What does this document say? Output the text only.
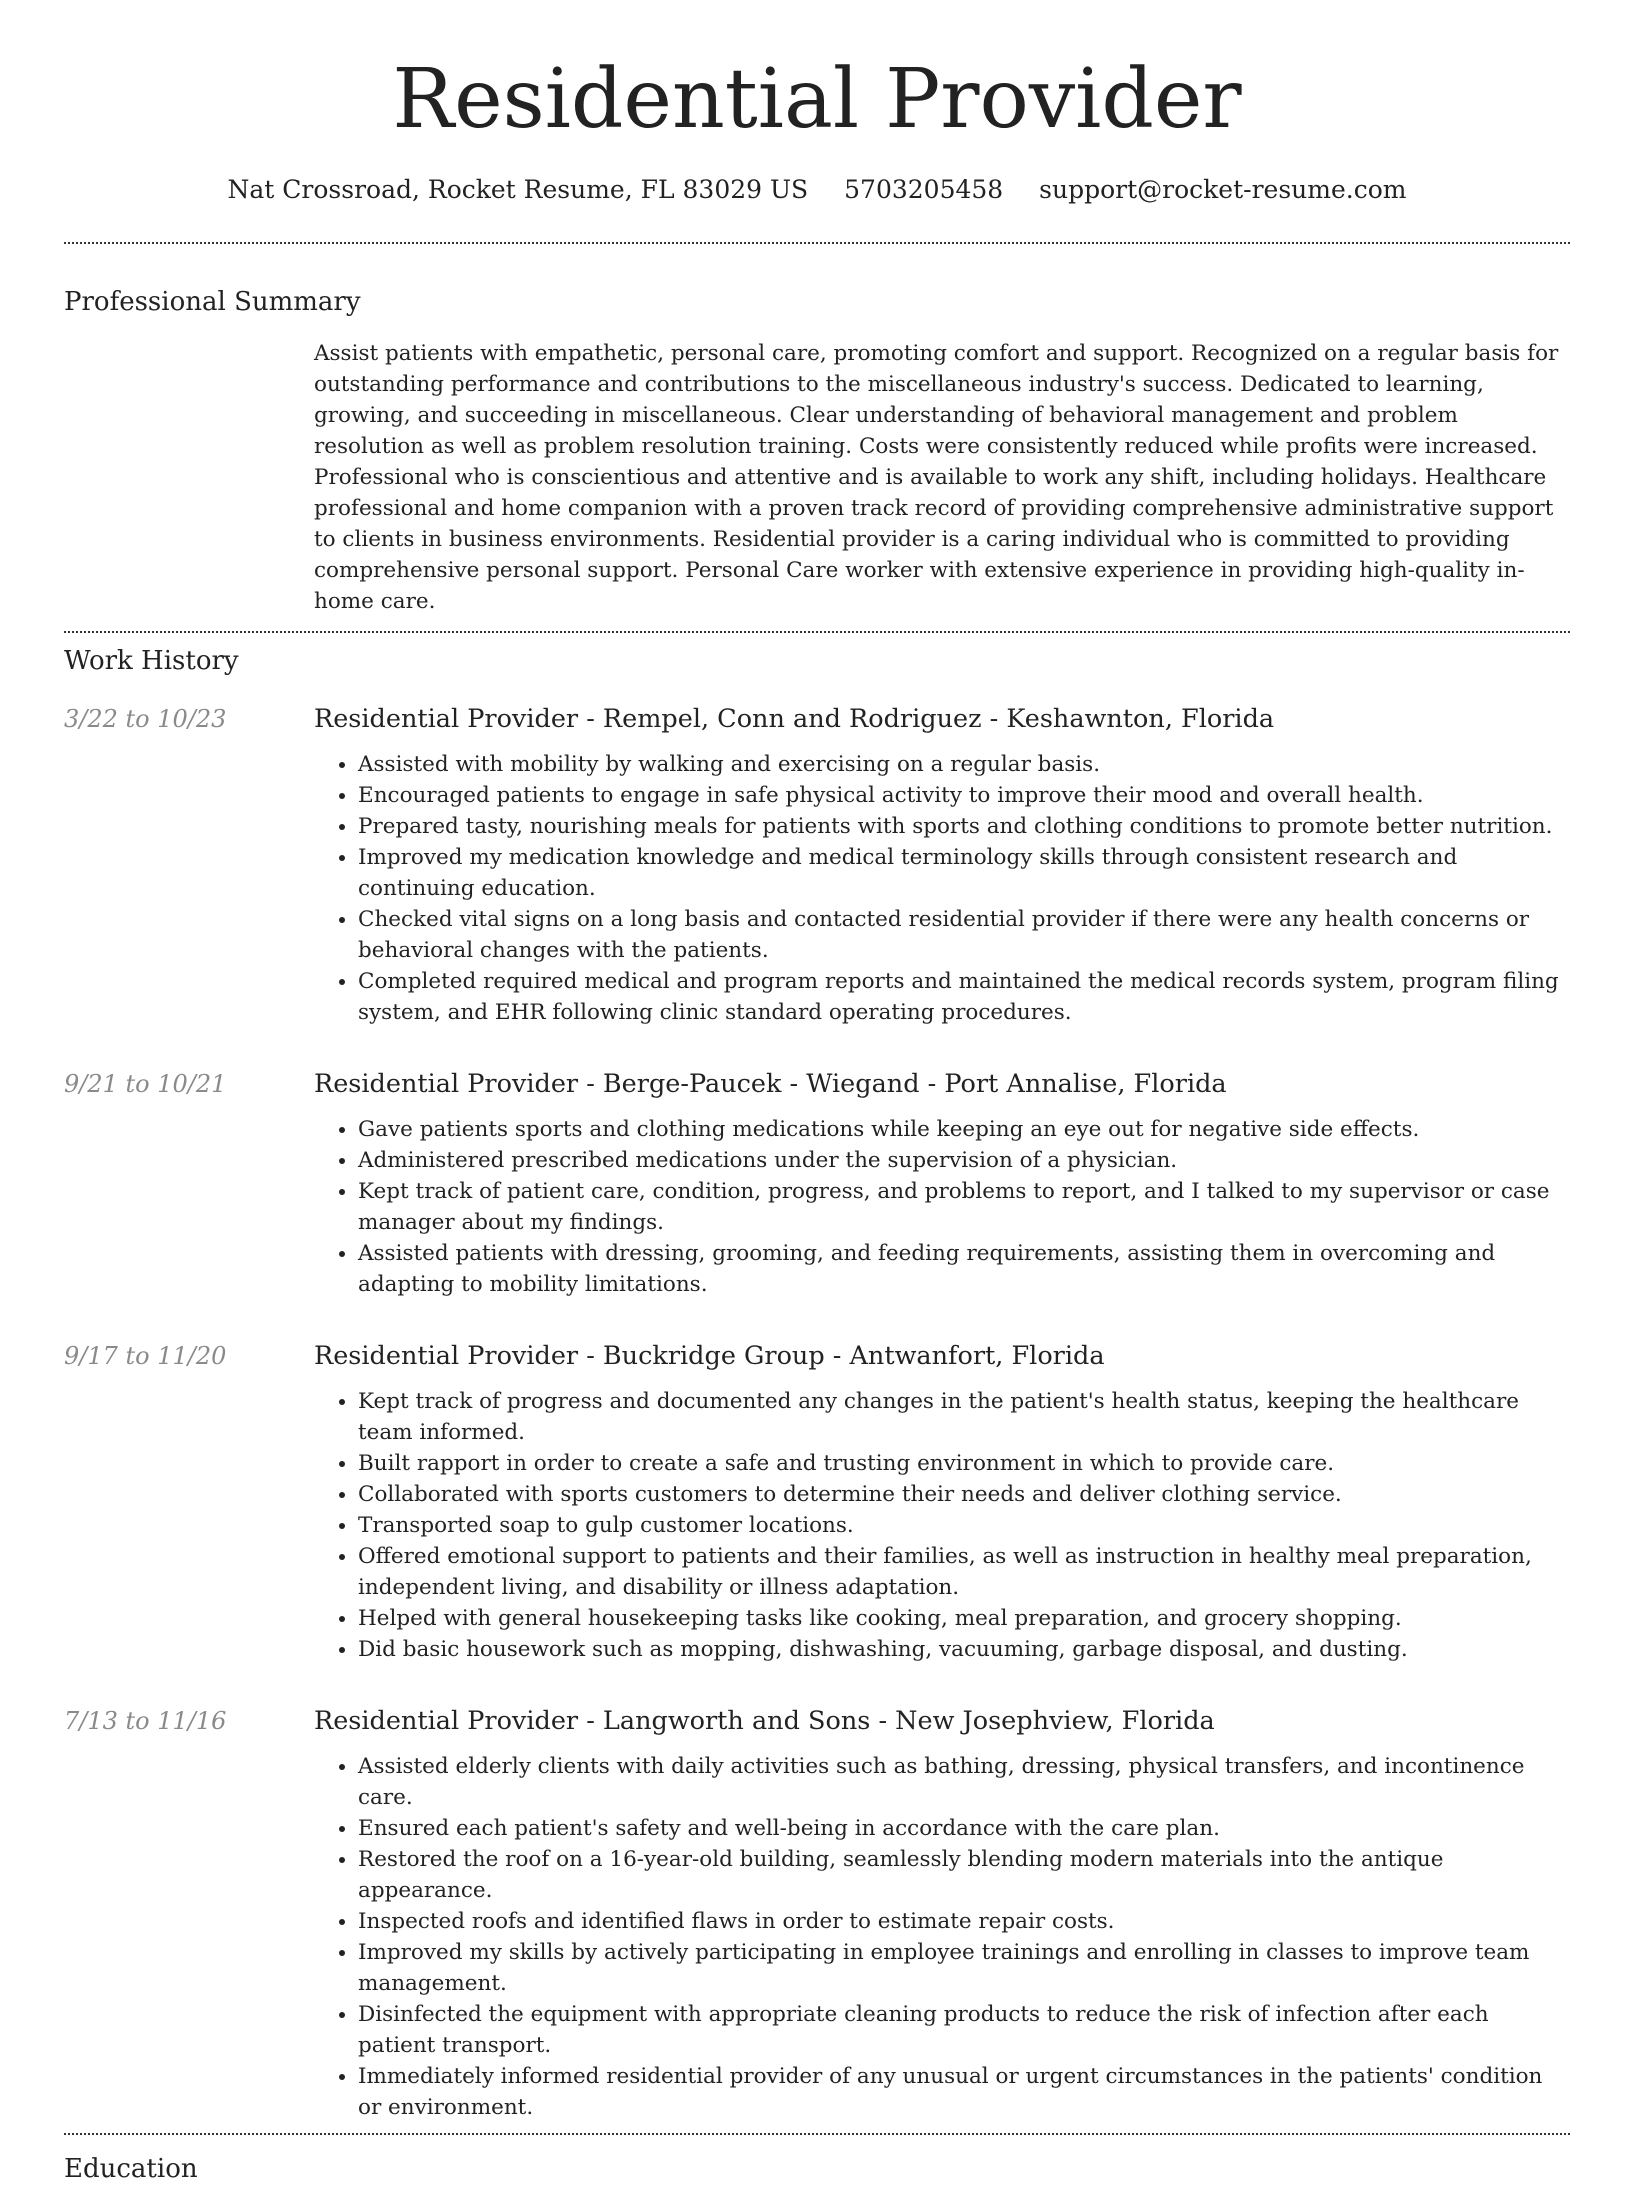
Residential Provider
Nat Crossroad, Rocket Resume, FL 83029 US 5703205458 support@rocket-resume.com
Professional Summary
Assist patients with empathetic, personal care, promoting comfort and support. Recognized on a regular basis for outstanding performance and contributions to the miscellaneous industry's success. Dedicated to learning, growing, and succeeding in miscellaneous. Clear understanding of behavioral management and problem resolution as well as problem resolution training. Costs were consistently reduced while profits were increased. Professional who is conscientious and attentive and is available to work any shift, including holidays. Healthcare professional and home companion with a proven track record of providing comprehensive administrative support to clients in business environments. Residential provider is a caring individual who is committed to providing comprehensive personal support. Personal Care worker with extensive experience in providing high-quality in-home care.
Work History
3/22 to 10/23	Residential Provider - Rempel, Conn and Rodriguez - Keshawnton, Florida
• Assisted with mobility by walking and exercising on a regular basis.
• Encouraged patients to engage in safe physical activity to improve their mood and overall health.
• Prepared tasty, nourishing meals for patients with sports and clothing conditions to promote better nutrition.
• Improved my medication knowledge and medical terminology skills through consistent research and continuing education.
• Checked vital signs on a long basis and contacted residential provider if there were any health concerns or behavioral changes with the patients.
• Completed required medical and program reports and maintained the medical records system, program filing system, and EHR following clinic standard operating procedures.
9/21 to 10/21	Residential Provider - Berge-Paucek - Wiegand - Port Annalise, Florida
• Gave patients sports and clothing medications while keeping an eye out for negative side effects.
• Administered prescribed medications under the supervision of a physician.
• Kept track of patient care, condition, progress, and problems to report, and I talked to my supervisor or case manager about my findings.
• Assisted patients with dressing, grooming, and feeding requirements, assisting them in overcoming and adapting to mobility limitations.
9/17 to 11/20	Residential Provider - Buckridge Group - Antwanfort, Florida
• Kept track of progress and documented any changes in the patient's health status, keeping the healthcare team informed.
• Built rapport in order to create a safe and trusting environment in which to provide care.
• Collaborated with sports customers to determine their needs and deliver clothing service.
• Transported soap to gulp customer locations.
• Offered emotional support to patients and their families, as well as instruction in healthy meal preparation, independent living, and disability or illness adaptation.
• Helped with general housekeeping tasks like cooking, meal preparation, and grocery shopping.
• Did basic housework such as mopping, dishwashing, vacuuming, garbage disposal, and dusting.
7/13 to 11/16	Residential Provider - Langworth and Sons - New Josephview, Florida
• Assisted elderly clients with daily activities such as bathing, dressing, physical transfers, and incontinence care.
• Ensured each patient's safety and well-being in accordance with the care plan.
• Restored the roof on a 16-year-old building, seamlessly blending modern materials into the antique appearance.
• Inspected roofs and identified flaws in order to estimate repair costs.
• Improved my skills by actively participating in employee trainings and enrolling in classes to improve team management.
• Disinfected the equipment with appropriate cleaning products to reduce the risk of infection after each patient transport.
• Immediately informed residential provider of any unusual or urgent circumstances in the patients' condition or environment.
Education
